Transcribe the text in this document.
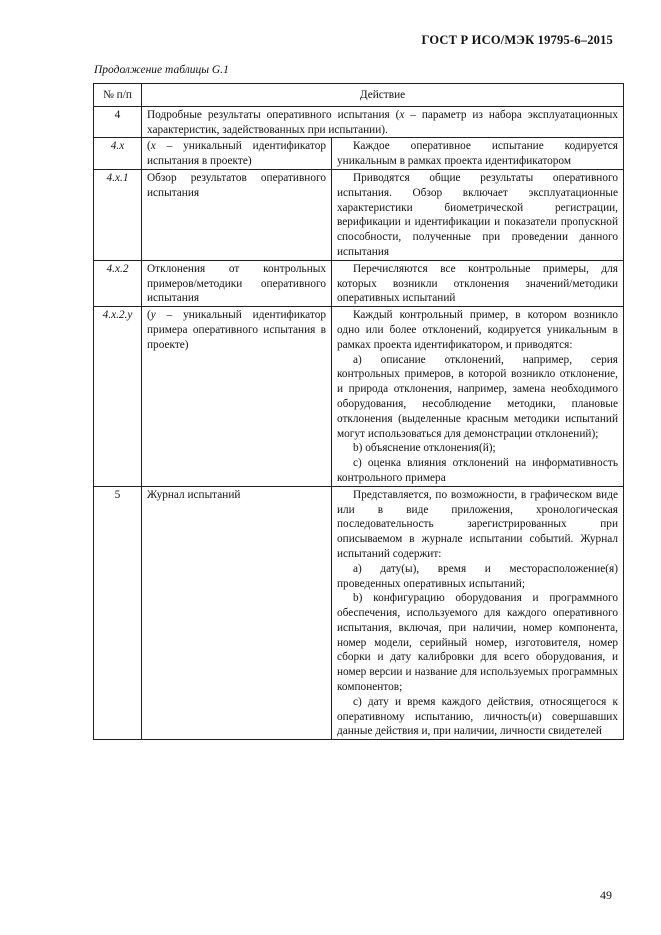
ГОСТ Р ИСО/МЭК 19795-6–2015
Продолжение таблицы G.1
№ п/п	Действие	
4	Подробные результаты оперативного испытания (x – параметр из набора эксплуатационных характеристик, задействованных при испытании).	
4.x	(x – уникальный идентификатор испытания в проекте)	Каждое оперативное испытание кодируется уникальным в рамках проекта идентификатором

4.x.1	Обзор результатов оперативного испытания	Приводятся общие результаты оперативного испытания. Обзор включает эксплуатационные характеристики биометрической регистрации, верификации и идентификации и показатели пропускной способности, полученные при проведении данного испытания

4.x.2	Отклонения от контрольных примеров/методики оперативного испытания	Перечисляются все контрольные примеры, для которых возникли отклонения значений/методики оперативных испытаний

4.x.2.y	(y – уникальный идентификатор примера оперативного испытания в проекте)	Каждый контрольный пример, в котором возникло одно или более отклонений, кодируется уникальным в рамках проекта идентификатором, и приводятся:

a) описание отклонений, например, серия контрольных примеров, в которой возникло отклонение, и природа отклонения, например, замена необходимого оборудования, несоблюдение методики, плановые отклонения (выделенные красным методики испытаний могут использоваться для демонстрации отклонений);

b) объяснение отклонения(й);

c) оценка влияния отклонений на информативность контрольного примера

5	Журнал испытаний	Представляется, по возможности, в графическом виде или в виде приложения, хронологическая последовательность зарегистрированных при описываемом в журнале испытании событий. Журнал испытаний содержит:

a) дату(ы), время и месторасположение(я) проведенных оперативных испытаний;

b) конфигурацию оборудования и программного обеспечения, используемого для каждого оперативного испытания, включая, при наличии, номер компонента, номер модели, серийный номер, изготовителя, номер сборки и дату калибровки для всего оборудования, и номер версии и название для используемых программных компонентов;

c) дату и время каждого действия, относящегося к оперативному испытанию, личность(и) совершавших данные действия и, при наличии, личности свидетелей

49
